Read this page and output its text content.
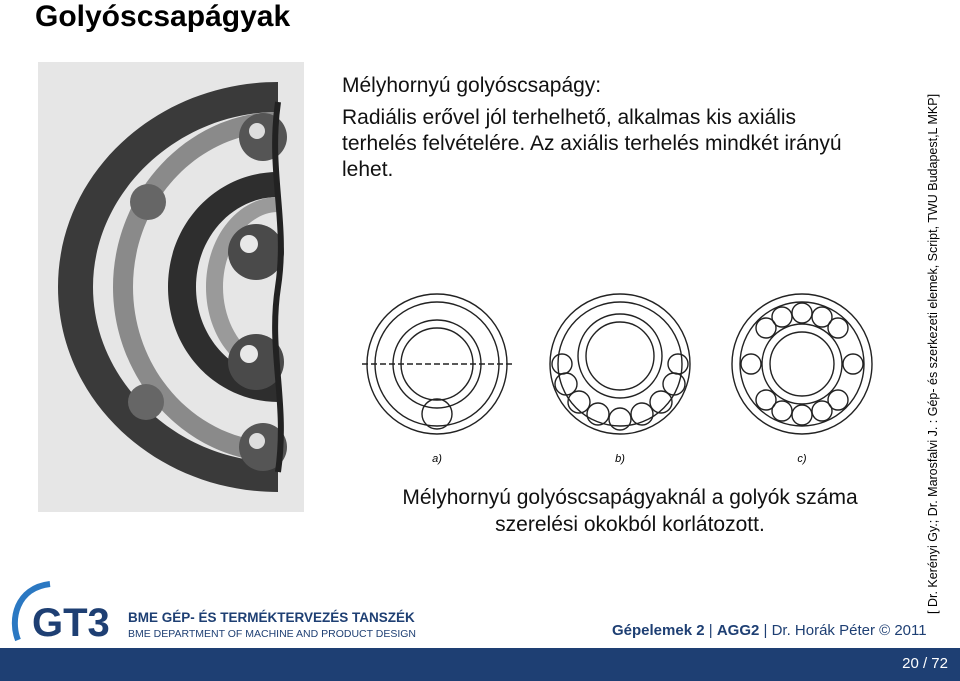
Golyóscsapágyak
Mélyhornyú golyóscsapágy:
Radiális erővel jól terhelhető, alkalmas kis axiális terhelés felvételére. Az axiális terhelés mindkét irányú lehet.
a)	b)	c)
Mélyhornyú golyóscsapágyaknál a golyók száma szerelési okokból korlátozott.	[ Dr. Kerényi Gy.; Dr. Marosfalvi J. : Gép- és szerkezeti elemek, Script, TWU Budapest,L MKP]
GT3 BME GÉP- ÉS TERMÉKTERVEZÉS TANSZÉK
BME DEPARTMENT OF MACHINE AND PRODUCT DESIGN	Gépelemek 2 | AGG2 | Dr. Horák Péter © 2011
20 / 72
